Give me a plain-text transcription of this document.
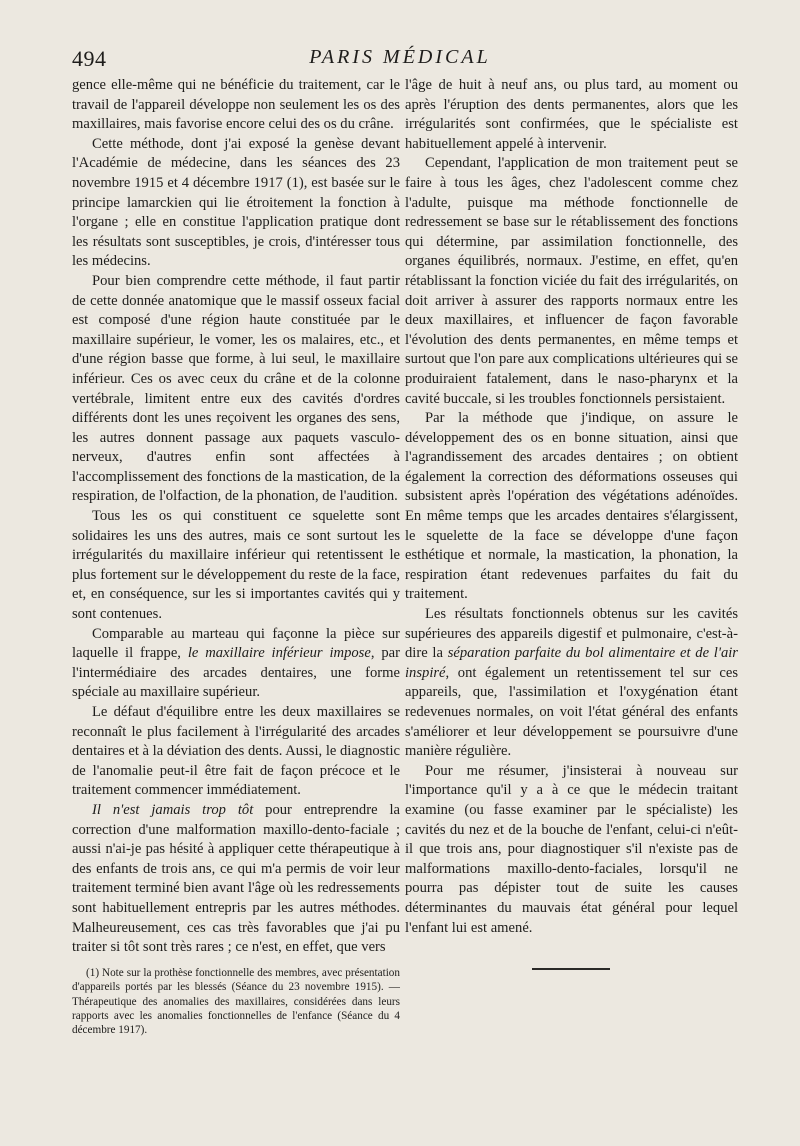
494	PARIS MÉDICAL

gence elle-même qui ne bénéficie du traitement, car le travail de l'appareil développe non seulement les os des maxillaires, mais favorise encore celui des os du crâne.

Cette méthode, dont j'ai exposé la genèse devant l'Académie de médecine, dans les séances des 23 novembre 1915 et 4 décembre 1917 (1), est basée sur le principe lamarckien qui lie étroitement la fonction à l'organe ; elle en constitue l'application pratique dont les résultats sont susceptibles, je crois, d'intéresser tous les médecins.

Pour bien comprendre cette méthode, il faut partir de cette donnée anatomique que le massif osseux facial est composé d'une région haute constituée par le maxillaire supérieur, le vomer, les os malaires, etc., et d'une région basse que forme, à lui seul, le maxillaire inférieur. Ces os avec ceux du crâne et de la colonne vertébrale, limitent entre eux des cavités d'ordres différents dont les unes reçoivent les organes des sens, les autres donnent passage aux paquets vasculo-nerveux, d'autres enfin sont affectées à l'accomplissement des fonctions de la mastication, de la respiration, de l'olfaction, de la phonation, de l'audition.

Tous les os qui constituent ce squelette sont solidaires les uns des autres, mais ce sont surtout les irrégularités du maxillaire inférieur qui retentissent le plus fortement sur le développement du reste de la face, et, en conséquence, sur les si importantes cavités qui y sont contenues.

Comparable au marteau qui façonne la pièce sur laquelle il frappe, le maxillaire inférieur impose, par l'intermédiaire des arcades dentaires, une forme spéciale au maxillaire supérieur.

Le défaut d'équilibre entre les deux maxillaires se reconnaît le plus facilement à l'irrégularité des arcades dentaires et à la déviation des dents. Aussi, le diagnostic de l'anomalie peut-il être fait de façon précoce et le traitement commencer immédiatement.

Il n'est jamais trop tôt pour entreprendre la correction d'une malformation maxillo-dento-faciale ; aussi n'ai-je pas hésité à appliquer cette thérapeutique à des enfants de trois ans, ce qui m'a permis de voir leur traitement terminé bien avant l'âge où les redressements sont habituellement entrepris par les autres méthodes. Malheureusement, ces cas très favorables que j'ai pu traiter si tôt sont très rares ; ce n'est, en effet, que vers

(1) Note sur la prothèse fonctionnelle des membres, avec présentation d'appareils portés par les blessés (Séance du 23 novembre 1915). — Thérapeutique des anomalies des maxillaires, considérées dans leurs rapports avec les anomalies fonctionnelles de l'enfance (Séance du 4 décembre 1917).

l'âge de huit à neuf ans, ou plus tard, au moment ou après l'éruption des dents permanentes, alors que les irrégularités sont confirmées, que le spécialiste est habituellement appelé à intervenir.

Cependant, l'application de mon traitement peut se faire à tous les âges, chez l'adolescent comme chez l'adulte, puisque ma méthode fonctionnelle de redressement se base sur le rétablissement des fonctions qui détermine, par assimilation fonctionnelle, des organes équilibrés, normaux. J'estime, en effet, qu'en rétablissant la fonction viciée du fait des irrégularités, on doit arriver à assurer des rapports normaux entre les deux maxillaires, et influencer de façon favorable l'évolution des dents permanentes, en même temps et surtout que l'on pare aux complications ultérieures qui se produiraient fatalement, dans le naso-pharynx et la cavité buccale, si les troubles fonctionnels persistaient.

Par la méthode que j'indique, on assure le développement des os en bonne situation, ainsi que l'agrandissement des arcades dentaires ; on obtient également la correction des déformations osseuses qui subsistent après l'opération des végétations adénoïdes. En même temps que les arcades dentaires s'élargissent, le squelette de la face se développe d'une façon esthétique et normale, la mastication, la phonation, la respiration étant redevenues parfaites du fait du traitement.

Les résultats fonctionnels obtenus sur les cavités supérieures des appareils digestif et pulmonaire, c'est-à-dire la séparation parfaite du bol alimentaire et de l'air inspiré, ont également un retentissement tel sur ces appareils, que, l'assimilation et l'oxygénation étant redevenues normales, on voit l'état général des enfants s'améliorer et leur développement se poursuivre d'une manière régulière.

Pour me résumer, j'insisterai à nouveau sur l'importance qu'il y a à ce que le médecin traitant examine (ou fasse examiner par le spécialiste) les cavités du nez et de la bouche de l'enfant, celui-ci n'eût-il que trois ans, pour diagnostiquer s'il n'existe pas de malformations maxillo-dento-faciales, lorsqu'il ne pourra pas dépister tout de suite les causes déterminantes du mauvais état général pour lequel l'enfant lui est amené.
